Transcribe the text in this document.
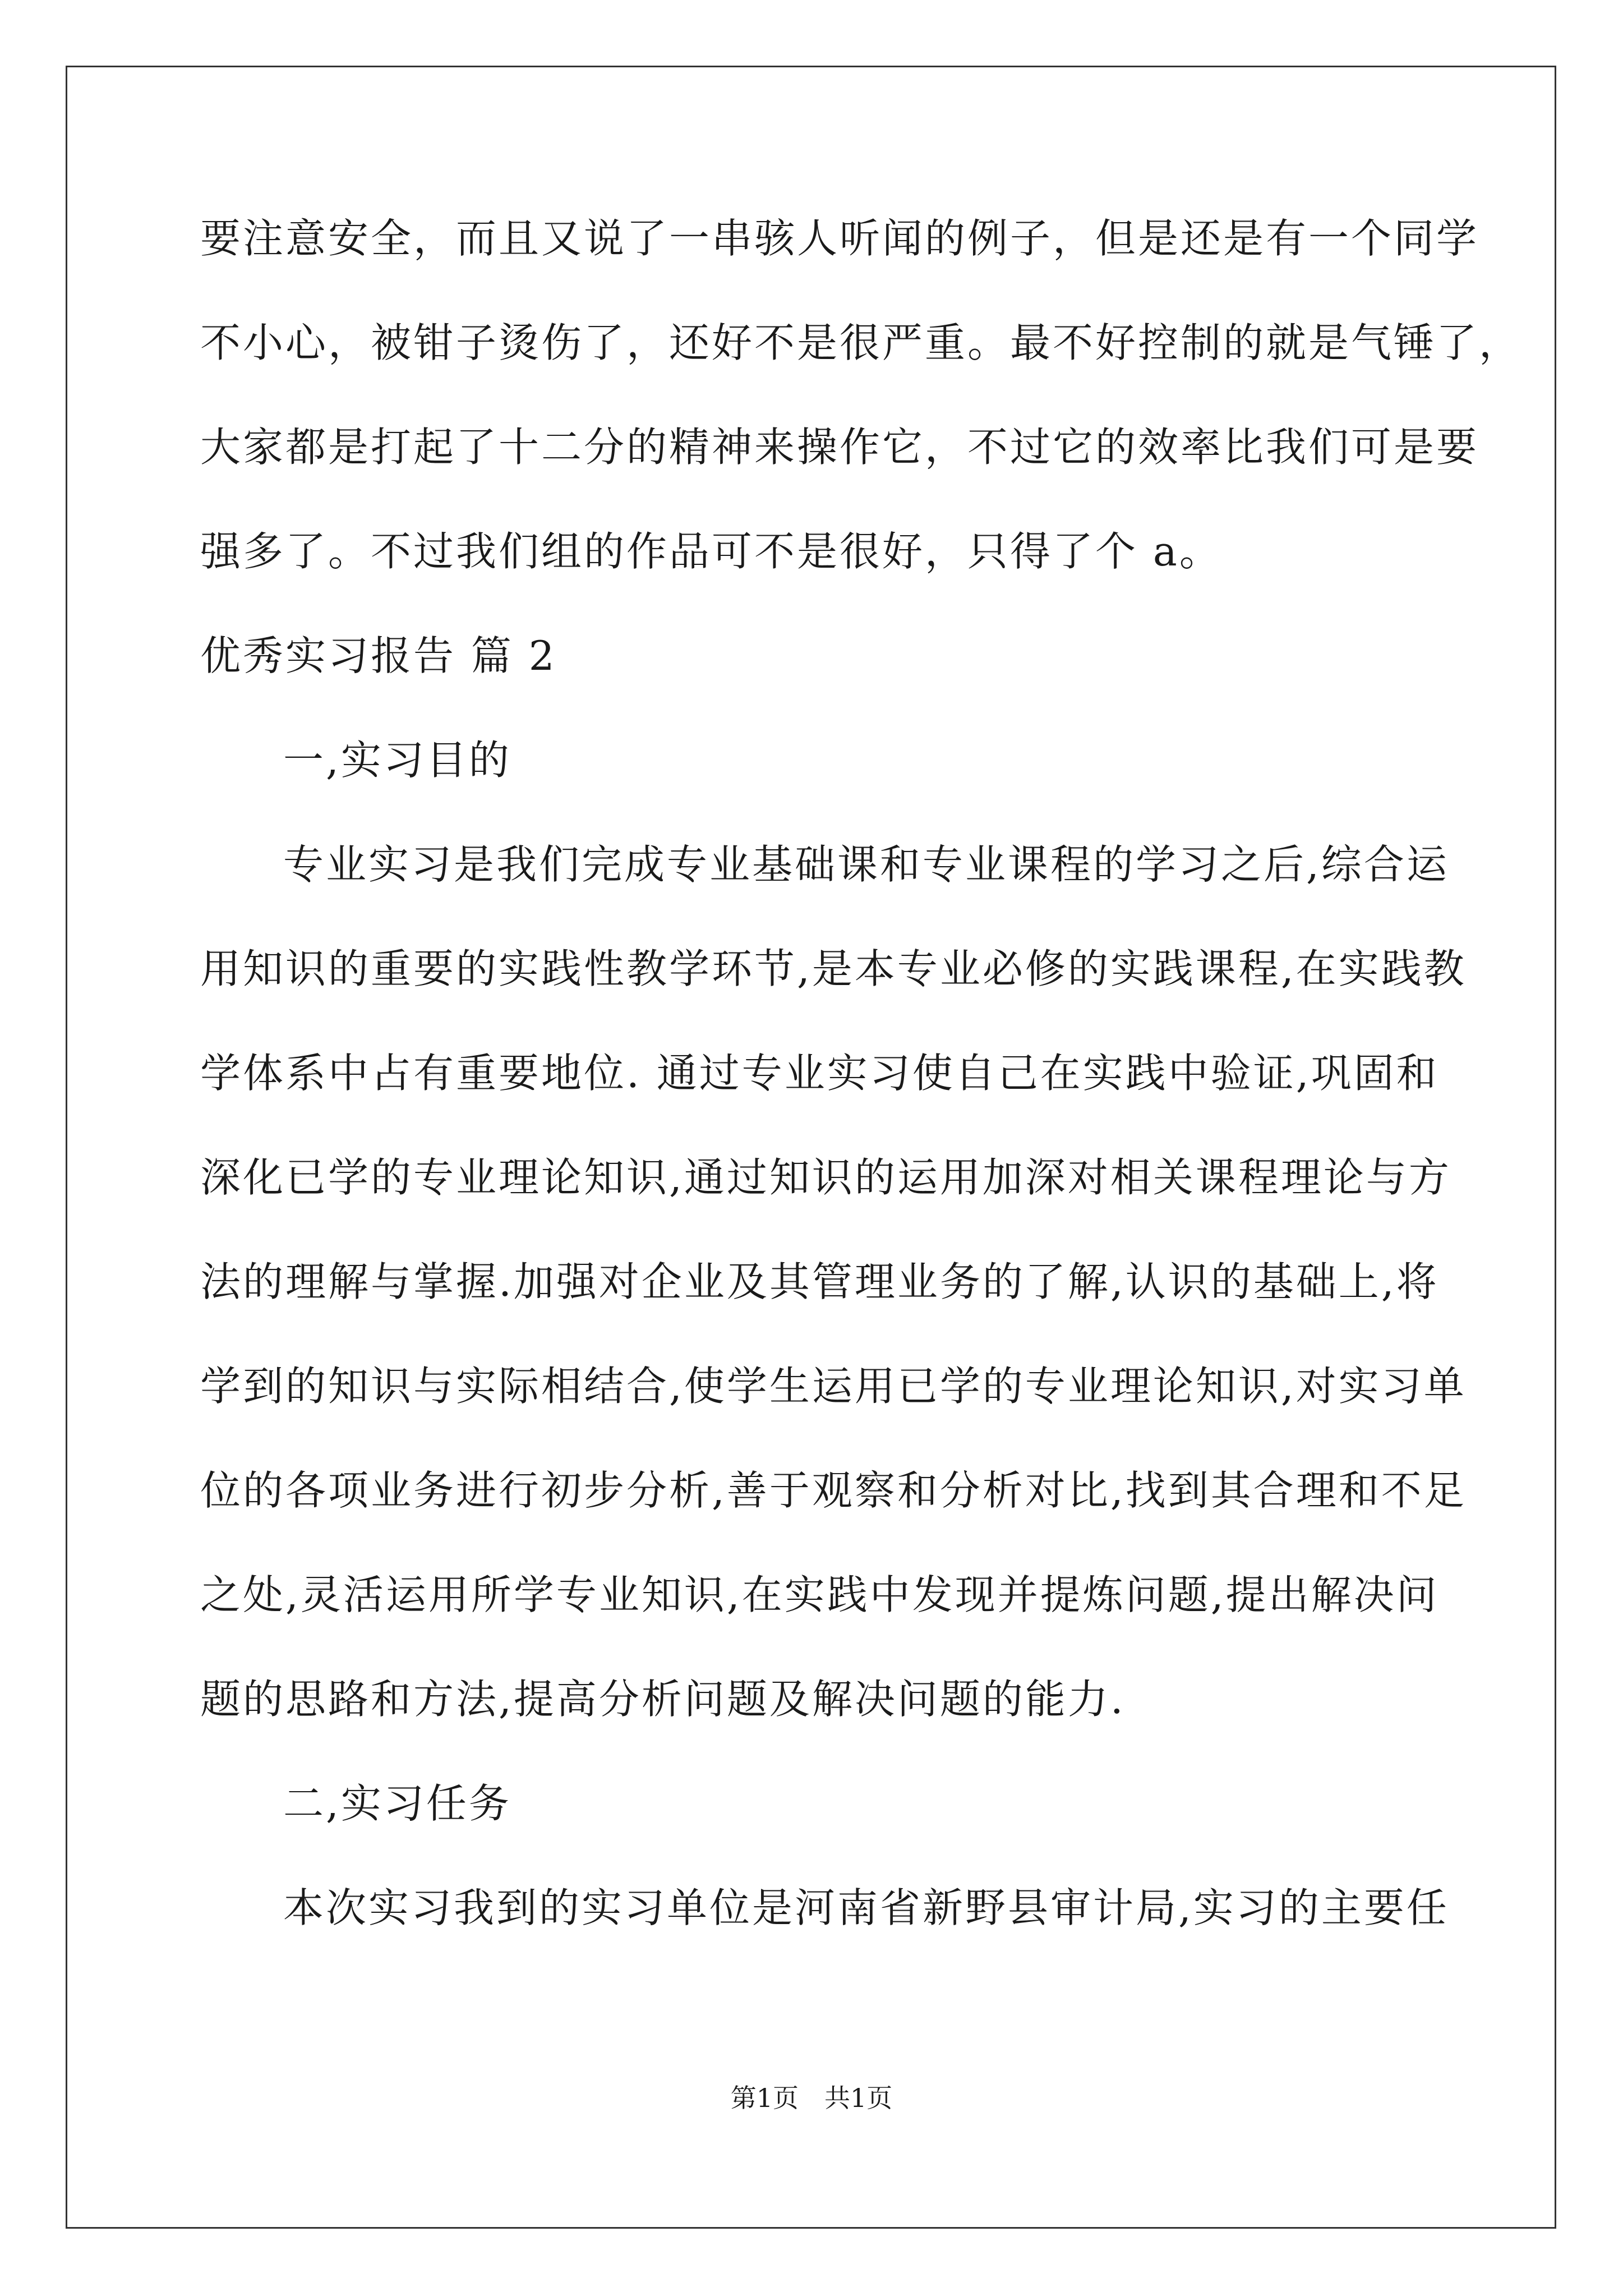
要注意安全，而且又说了一串骇人听闻的例子，但是还是有一个同学
不小心，被钳子烫伤了，还好不是很严重。最不好控制的就是气锤了，
大家都是打起了十二分的精神来操作它，不过它的效率比我们可是要
强多了。不过我们组的作品可不是很好，只得了个 a。
优秀实习报告 篇 2
一,实习目的
专业实习是我们完成专业基础课和专业课程的学习之后,综合运
用知识的重要的实践性教学环节,是本专业必修的实践课程,在实践教
学体系中占有重要地位. 通过专业实习使自己在实践中验证,巩固和
深化已学的专业理论知识,通过知识的运用加深对相关课程理论与方
法的理解与掌握.加强对企业及其管理业务的了解,认识的基础上,将
学到的知识与实际相结合,使学生运用已学的专业理论知识,对实习单
位的各项业务进行初步分析,善于观察和分析对比,找到其合理和不足
之处,灵活运用所学专业知识,在实践中发现并提炼问题,提出解决问
题的思路和方法,提高分析问题及解决问题的能力.
二,实习任务
本次实习我到的实习单位是河南省新野县审计局,实习的主要任
第1页　共1页
